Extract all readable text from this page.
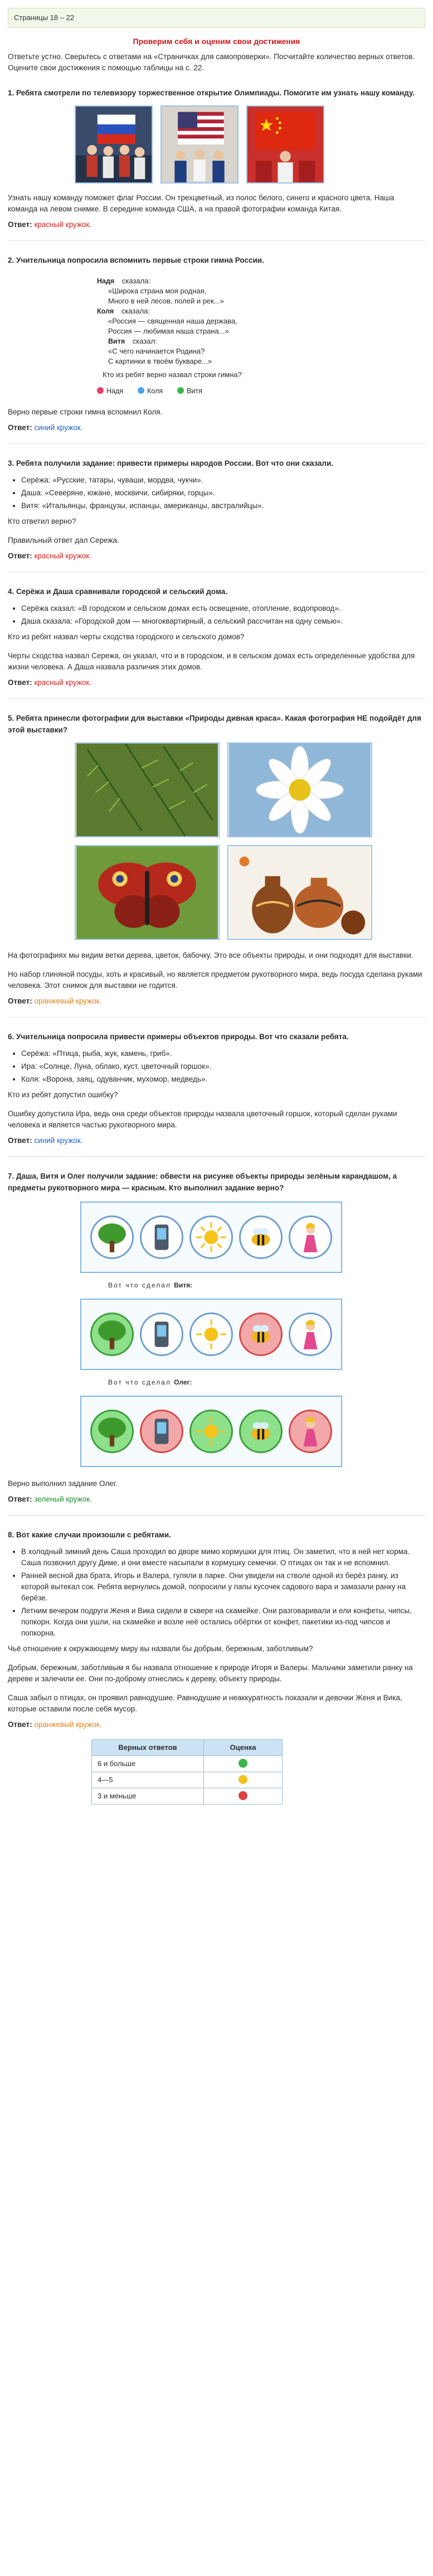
Страницы 18 – 22
Проверим себя и оценим свои достижения

Ответьте устно. Сверьтесь с ответами на «Страничках для самопроверки». Посчитайте количество верных ответов. Оцените свои достижения с помощью таблицы на с. 22.

1. Ребята смотрели по телевизору торжественное открытие Олимпиады. Помогите им узнать нашу команду.

Узнать нашу команду поможет флаг России. Он трехцветный, из полос белого, синего и красного цвета. Наша команда на левом снимке. В середине команда США, а на правой фотографии команда Китая.

Ответ: красный кружок.

2. Учительница попросила вспомнить первые строки гимна России.
Надя сказала:
«Широка страна моя родная,
Много в ней лесов, полей и рек...»
Коля сказала:
«Россия — священная наша держава,
Россия — любимая наша страна...»
Витя сказал:
«С чего начинается Родина?
С картинки в твоём букваре...»
Кто из ребят верно назвал строки гимна?
Надя	Коля	Витя

Верно первые строки гимна вспомнил Коля.

Ответ: синий кружок.

3. Ребята получили задание: привести примеры народов России. Вот что они сказали.
• Серёжа: «Русские, татары, чуваши, мордва, чукчи».
• Даша: «Северяне, южане, москвичи, сибиряки, горцы».
• Витя: «Итальянцы, французы, испанцы, американцы, австралийцы».

Кто ответил верно?

Правильный ответ дал Сережа.

Ответ: красный кружок.

4. Серёжа и Даша сравнивали городской и сельский дома.
• Серёжа сказал: «В городском и сельском домах есть освещение, отопление, водопровод».
• Даша сказала: «Городской дом — многоквартирный, а сельский рассчитан на одну семью».

Кто из ребят назвал черты сходства городского и сельского домов?

Черты сходства назвал Сережа, он указал, что и в городском, и в сельском домах есть определенные удобства для жизни человека. А Даша назвала различия этих домов.

Ответ: красный кружок.

5. Ребята принесли фотографии для выставки «Природы дивная краса». Какая фотография НЕ подойдёт для этой выставки?

На фотографиях мы видим ветки дерева, цветок, бабочку. Это все объекты природы, и они подходят для выставки.

Но набор глиняной посуды, хоть и красивый, но является предметом рукотворного мира, ведь посуда сделана руками человека. Этот снимок для выставки не годится.

Ответ: оранжевый кружок.

6. Учительница попросила привести примеры объектов природы. Вот что сказали ребята.
• Серёжа: «Птица, рыба, жук, камень, гриб».
• Ира: «Солнце, Луна, облако, куст, цветочный горшок».
• Коля: «Ворона, заяц, одуванчик, мухомор, медведь».

Кто из ребят допустил ошибку?

Ошибку допустила Ира, ведь она среди объектов природы назвала цветочный горшок, который сделан руками человека и является частью рукотворного мира.

Ответ: синий кружок.

7. Даша, Витя и Олег получили задание: обвести на рисунке объекты природы зелёным карандашом, а предметы рукотворного мира — красным. Кто выполнил задание верно?
Вот что сделал Витя:
Вот что сделал Олег:

Верно выполнил задание Олег.

Ответ: зеленый кружок.

8. Вот какие случаи произошли с ребятами.
• В холодный зимний день Саша проходил во дворе мимо кормушки для птиц. Он заметил, что в ней нет корма. Саша позвонил другу Диме, и они вместе насыпали в кормушку семечки. О птицах он так и не вспомнил.
• Ранней весной два брата, Игорь и Валера, гуляли в парке. Они увидели на стволе одной из берёз ранку, из которой вытекал сок. Ребята вернулись домой, попросили у папы кусочек садового вара и замазали ранку на берёзе.
• Летним вечером подруги Женя и Вика сидели в сквере на скамейке. Они разговаривали и ели конфеты, чипсы, попкорн. Когда они ушли, на скамейке и возле неё остались обёртки от конфет, пакетики из-под чипсов и попкорна.

Чьё отношение к окружающему миру вы назвали бы добрым, бережным, заботливым?

Добрым, бережным, заботливым я бы назвала отношение к природе Игоря и Валеры. Мальчики заметили ранку на дереве и залечили ее. Они по-доброму отнеслись к дереву, объекту природы.

Саша забыл о птицах, он проявил равнодушие. Равнодушие и неаккуратность показали и девочки Женя и Вика, которые оставили после себя мусор.

Ответ: оранжевый кружок.

Верных ответов	Оценка
6 и больше	
4—5	
3 и меньше	
